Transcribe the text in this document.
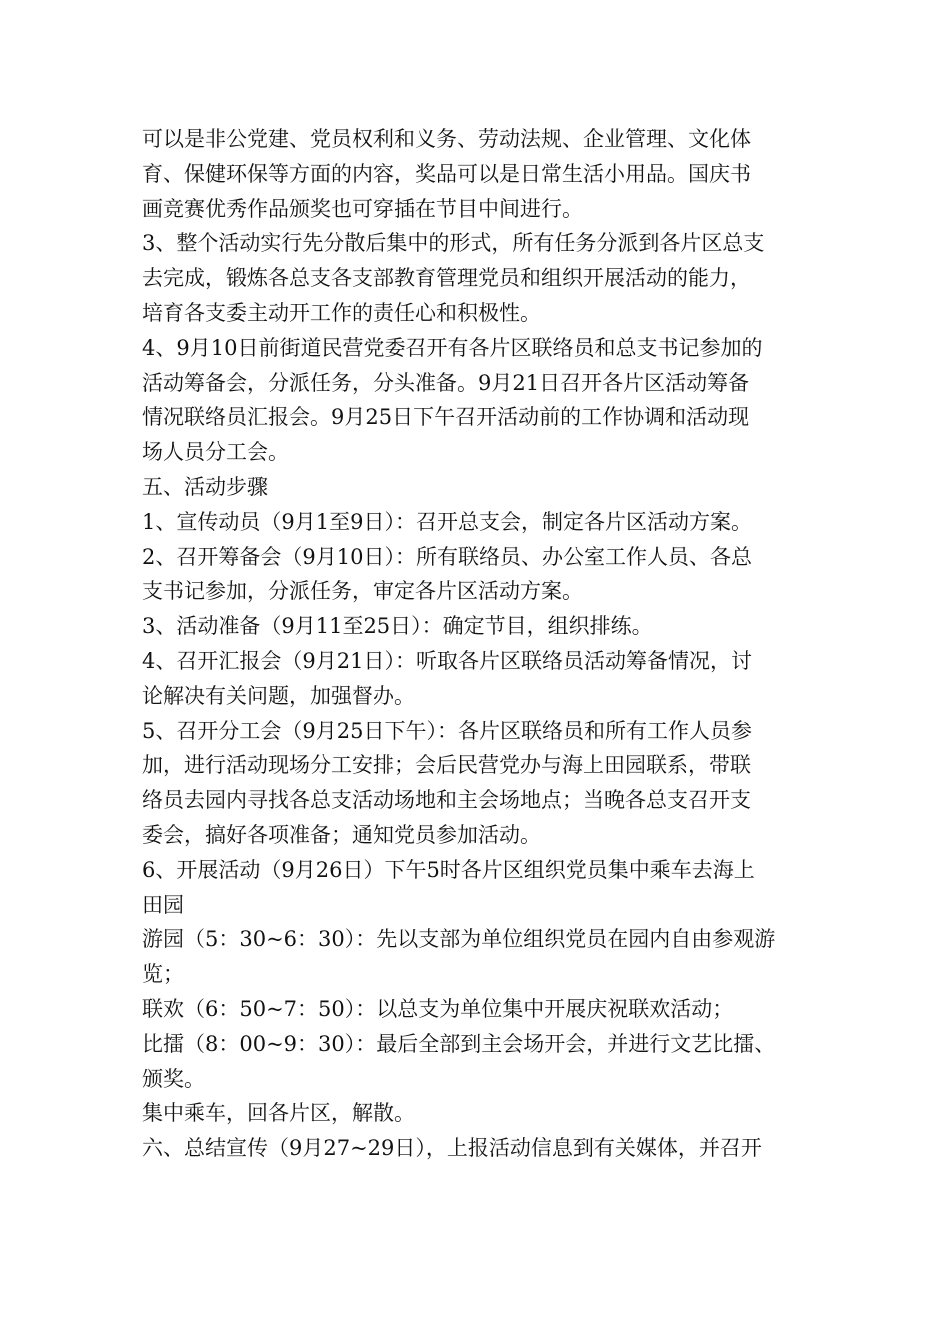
可以是非公党建、党员权利和义务、劳动法规、企业管理、文化体
育、保健环保等方面的内容，奖品可以是日常生活小用品。国庆书
画竞赛优秀作品颁奖也可穿插在节目中间进行。
3、整个活动实行先分散后集中的形式，所有任务分派到各片区总支
去完成，锻炼各总支各支部教育管理党员和组织开展活动的能力，
培育各支委主动开工作的责任心和积极性。
4、9月10日前街道民营党委召开有各片区联络员和总支书记参加的
活动筹备会，分派任务，分头准备。9月21日召开各片区活动筹备
情况联络员汇报会。9月25日下午召开活动前的工作协调和活动现
场人员分工会。
五、活动步骤
1、宣传动员（9月1至9日）：召开总支会，制定各片区活动方案。
2、召开筹备会（9月10日）：所有联络员、办公室工作人员、各总
支书记参加，分派任务，审定各片区活动方案。
3、活动准备（9月11至25日）：确定节目，组织排练。
4、召开汇报会（9月21日）：听取各片区联络员活动筹备情况，讨
论解决有关问题，加强督办。
5、召开分工会（9月25日下午）：各片区联络员和所有工作人员参
加，进行活动现场分工安排；会后民营党办与海上田园联系，带联
络员去园内寻找各总支活动场地和主会场地点；当晚各总支召开支
委会，搞好各项准备；通知党员参加活动。
6、开展活动（9月26日）下午5时各片区组织党员集中乘车去海上
田园
游园（5：30~6：30）：先以支部为单位组织党员在园内自由参观游
览；
联欢（6：50~7：50）：以总支为单位集中开展庆祝联欢活动；
比擂（8：00~9：30）：最后全部到主会场开会，并进行文艺比擂、
颁奖。
集中乘车，回各片区，解散。
六、总结宣传（9月27~29日），上报活动信息到有关媒体，并召开
